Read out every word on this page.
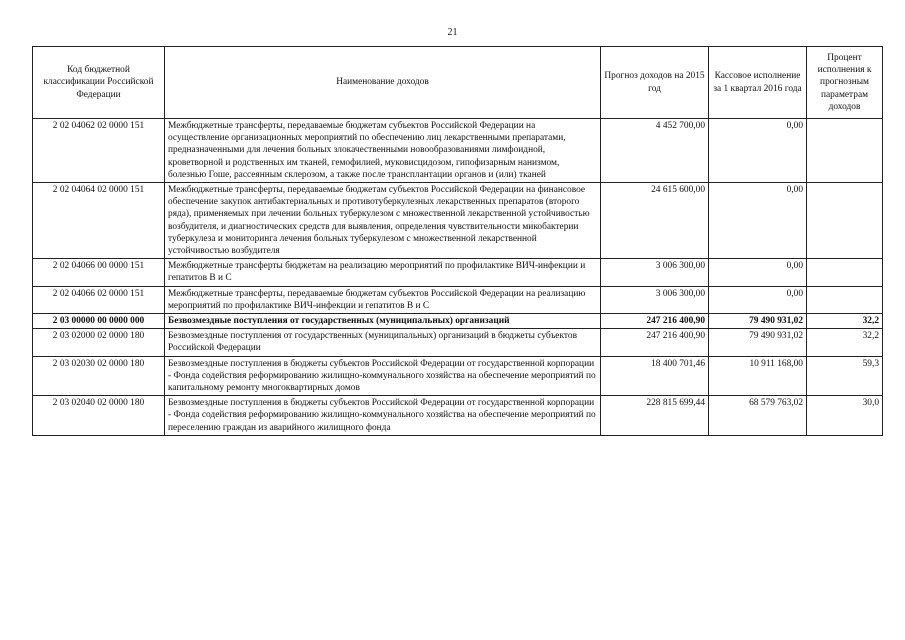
21
Код бюджетной классификации Российской Федерации	Наименование доходов	Прогноз доходов на 2015 год	Кассовое исполнение за 1 квартал 2016 года	Процент исполнения к прогнозным параметрам доходов
2 02 04062 02 0000 151	Межбюджетные трансферты, передаваемые бюджетам субъектов Российской Федерации на осуществление организационных мероприятий по обеспечению лиц лекарственными препаратами, предназначенными для лечения больных злокачественными новообразованиями лимфоидной, кроветворной и родственных им тканей, гемофилией, муковисцидозом, гипофизарным нанизмом, болезнью Гоше, рассеянным склерозом, а также после трансплантации органов и (или) тканей	4 452 700,00	0,00	
2 02 04064 02 0000 151	Межбюджетные трансферты, передаваемые бюджетам субъектов Российской Федерации на финансовое обеспечение закупок антибактериальных и противотуберкулезных лекарственных препаратов (второго ряда), применяемых при лечении больных туберкулезом с множественной лекарственной устойчивостью возбудителя, и диагностических средств для выявления, определения чувствительности микобактерии туберкулеза и мониторинга лечения больных туберкулезом с множественной лекарственной устойчивостью возбудителя	24 615 600,00	0,00	
2 02 04066 00 0000 151	Межбюджетные трансферты бюджетам на реализацию мероприятий по профилактике ВИЧ-инфекции и гепатитов В и С	3 006 300,00	0,00	
2 02 04066 02 0000 151	Межбюджетные трансферты, передаваемые бюджетам субъектов Российской Федерации на реализацию мероприятий по профилактике ВИЧ-инфекции и гепатитов В и С	3 006 300,00	0,00	
2 03 00000 00 0000 000	Безвозмездные поступления от государственных (муниципальных) организаций	247 216 400,90	79 490 931,02	32,2
2 03 02000 02 0000 180	Безвозмездные поступления от государственных (муниципальных) организаций в бюджеты субъектов Российской Федерации	247 216 400,90	79 490 931,02	32,2
2 03 02030 02 0000 180	Безвозмездные поступления в бюджеты субъектов Российской Федерации от государственной корпорации - Фонда содействия реформированию жилищно-коммунального хозяйства на обеспечение мероприятий по капитальному ремонту многоквартирных домов	18 400 701,46	10 911 168,00	59,3
2 03 02040 02 0000 180	Безвозмездные поступления в бюджеты субъектов Российской Федерации от государственной корпорации - Фонда содействия реформированию жилищно-коммунального хозяйства на обеспечение мероприятий по переселению граждан из аварийного жилищного фонда	228 815 699,44	68 579 763,02	30,0
